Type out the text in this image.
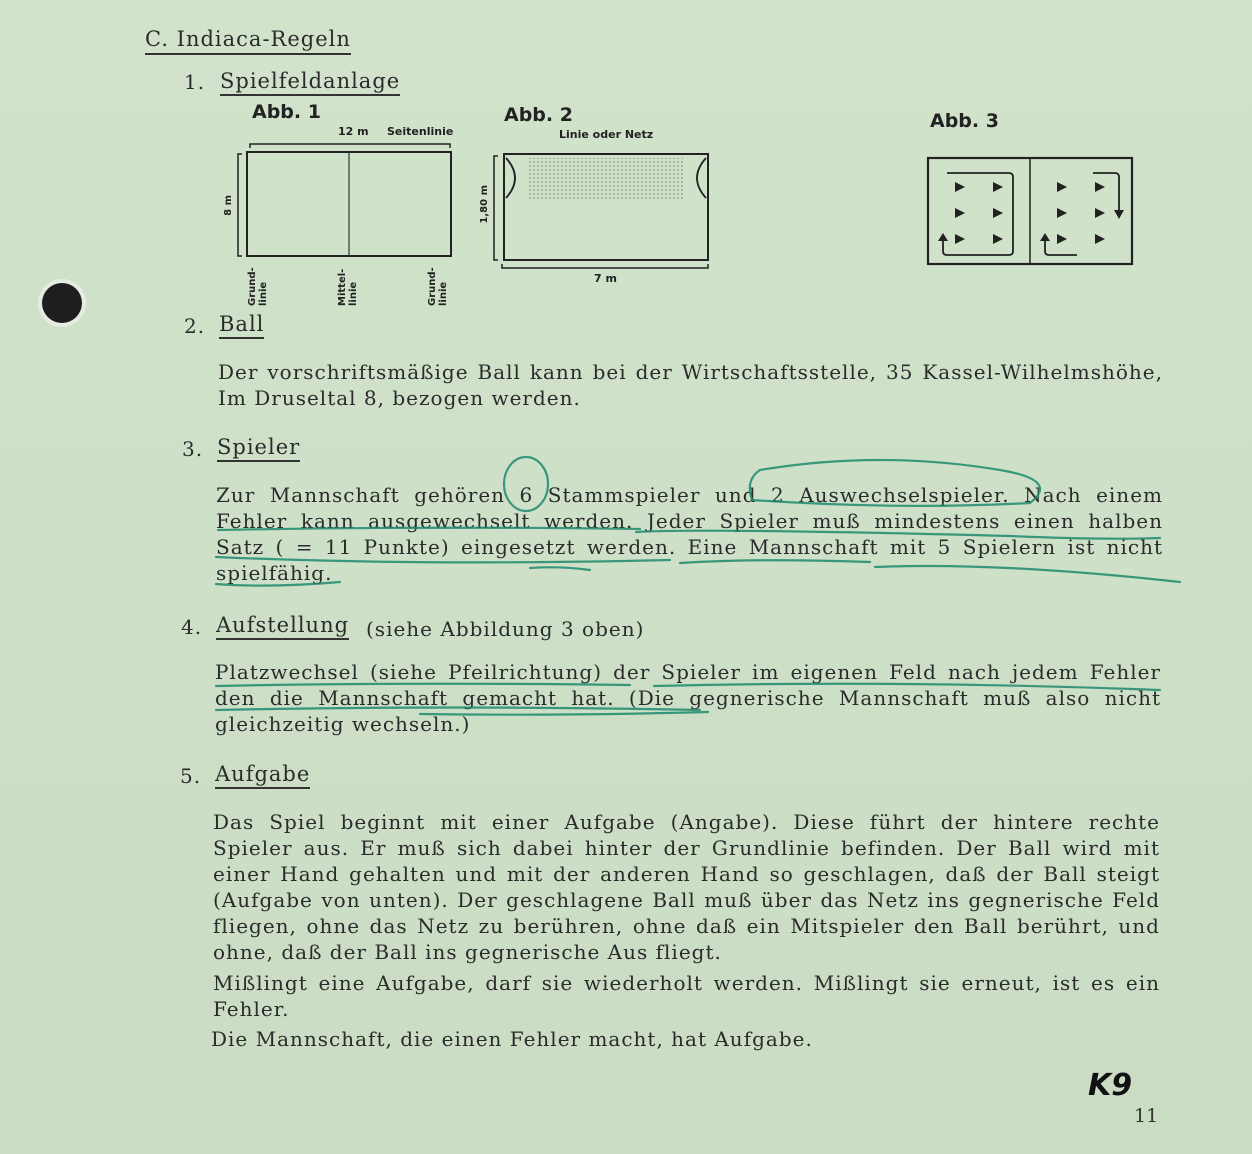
C. Indiaca-Regeln
1. Spielfeldanlage
Abb. 1
12 m Seitenlinie
8 m
Grund-linie	Mittel-linie	Grund-linie
Abb. 2
Linie oder Netz
1,80 m
7 m
Abb. 3
2. Ball
Der vorschriftsmäßige Ball kann bei der Wirtschaftsstelle, 35 Kassel-Wilhelmshöhe, Im Druseltal 8, bezogen werden.
3. Spieler
Zur Mannschaft gehören 6 Stammspieler und 2 Auswechselspieler. Nach einem Fehler kann ausgewechselt werden. Jeder Spieler muß mindestens einen halben Satz ( = 11 Punkte) eingesetzt werden. Eine Mannschaft mit 5 Spielern ist nicht spielfähig.
4. Aufstellung (siehe Abbildung 3 oben)
Platzwechsel (siehe Pfeilrichtung) der Spieler im eigenen Feld nach jedem Fehler den die Mannschaft gemacht hat. (Die gegnerische Mannschaft muß also nicht gleichzeitig wechseln.)
5. Aufgabe
Das Spiel beginnt mit einer Aufgabe (Angabe). Diese führt der hintere rechte Spieler aus. Er muß sich dabei hinter der Grundlinie befinden. Der Ball wird mit einer Hand gehalten und mit der anderen Hand so geschlagen, daß der Ball steigt (Aufgabe von unten). Der geschlagene Ball muß über das Netz ins gegnerische Feld fliegen, ohne das Netz zu berühren, ohne daß ein Mitspieler den Ball berührt, und ohne, daß der Ball ins gegnerische Aus fliegt.
Mißlingt eine Aufgabe, darf sie wiederholt werden. Mißlingt sie erneut, ist es ein Fehler.
Die Mannschaft, die einen Fehler macht, hat Aufgabe.
K9
11
